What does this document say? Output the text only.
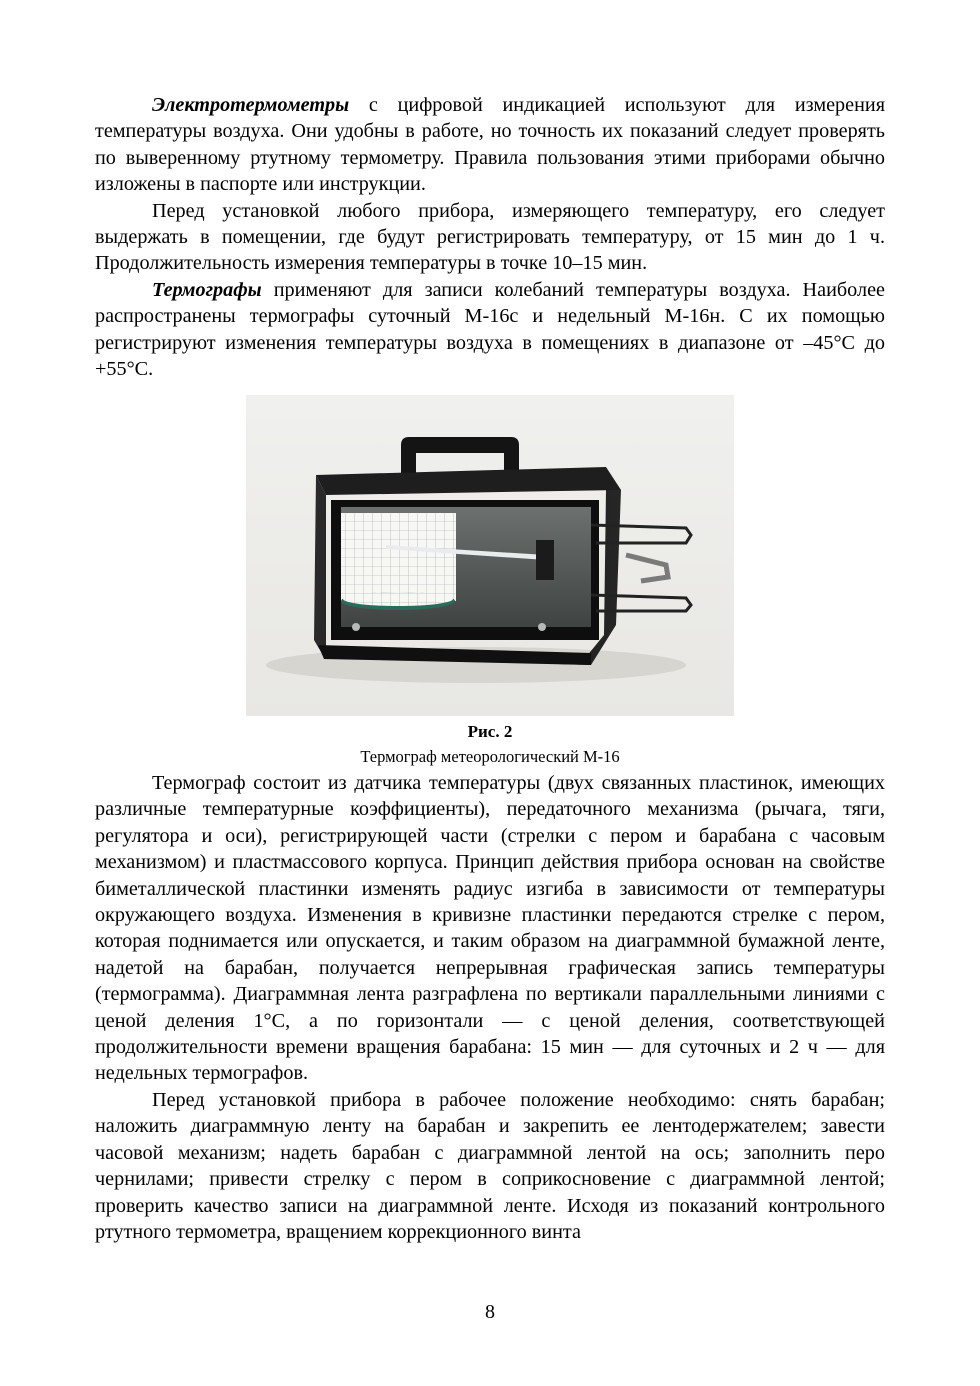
Электротермометры с цифровой индикацией используют для измерения температуры воздуха. Они удобны в работе, но точность их показаний следует проверять по выверенному ртутному термометру. Правила пользования этими приборами обычно изложены в паспорте или инструкции.

Перед установкой любого прибора, измеряющего температуру, его следует выдержать в помещении, где будут регистрировать температуру, от 15 мин до 1 ч. Продолжительность измерения температуры в точке 10–15 мин.

Термографы применяют для записи колебаний температуры воздуха. Наиболее распространены термографы суточный М-16с и недельный М-16н. С их помощью регистрируют изменения температуры воздуха в помещениях в диапазоне от –45°С до +55°С.

Рис. 2
Термограф метеорологический М-16

Термограф состоит из датчика температуры (двух связанных пластинок, имеющих различные температурные коэффициенты), передаточного механизма (рычага, тяги, регулятора и оси), регистрирующей части (стрелки с пером и барабана с часовым механизмом) и пластмассового корпуса. Принцип действия прибора основан на свойстве биметаллической пластинки изменять радиус изгиба в зависимости от температуры окружающего воздуха. Изменения в кривизне пластинки передаются стрелке с пером, которая поднимается или опускается, и таким образом на диаграммной бумажной ленте, надетой на барабан, получается непрерывная графическая запись температуры (термограмма). Диаграммная лента разграфлена по вертикали параллельными линиями с ценой деления 1°С, а по горизонтали — с ценой деления, соответствующей продолжительности времени вращения барабана: 15 мин — для суточных и 2 ч — для недельных термографов.

Перед установкой прибора в рабочее положение необходимо: снять барабан; наложить диаграммную ленту на барабан и закрепить ее лентодержателем; завести часовой механизм; надеть барабан с диаграммной лентой на ось; заполнить перо чернилами; привести стрелку с пером в соприкосновение с диаграммной лентой; проверить качество записи на диаграммной ленте. Исходя из показаний контрольного ртутного термометра, вращением коррекционного винта

8
